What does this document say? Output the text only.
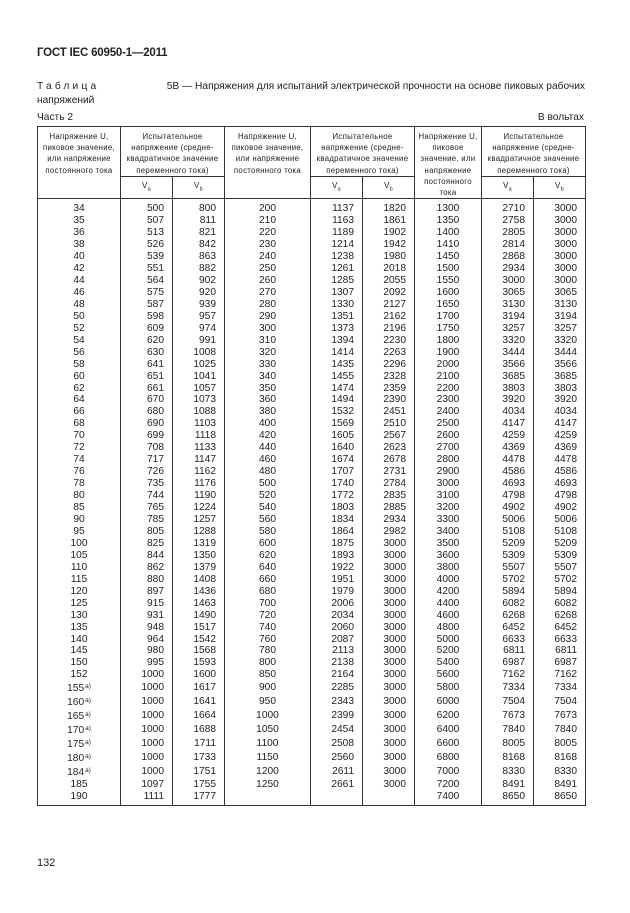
ГОСТ IEC 60950-1—2011
Таблица	5B — Напряжения для испытаний электрической прочности на основе пиковых рабочих
напряжений
Часть 2	В вольтах
Напряжение U, пиковое значение, или напряжение постоянного тока	Испытательное напряжение (средне-квадратичное значение переменного тока)		Напряжение U, пиковое значение, или напряжение постоянного тока	Испытательное напряжение (средне-квадратичное значение переменного тока)		Напряжение U, пиковое значение, или напряжение постоянного тока	Испытательное напряжение (средне-квадратичное значение переменного тока)	
	$V_a$	$V_b$		$V_a$	$V_b$		$V_a$	$V_b$
34	500	800	200	1137	1820	1300	2710	3000
35	507	811	210	1163	1861	1350	2758	3000
36	513	821	220	1189	1902	1400	2805	3000
38	526	842	230	1214	1942	1410	2814	3000
40	539	863	240	1238	1980	1450	2868	3000
42	551	882	250	1261	2018	1500	2934	3000
44	564	902	260	1285	2055	1550	3000	3000
46	575	920	270	1307	2092	1600	3065	3065
48	587	939	280	1330	2127	1650	3130	3130
50	598	957	290	1351	2162	1700	3194	3194
52	609	974	300	1373	2196	1750	3257	3257
54	620	991	310	1394	2230	1800	3320	3320
56	630	1008	320	1414	2263	1900	3444	3444
58	641	1025	330	1435	2296	2000	3566	3566
60	651	1041	340	1455	2328	2100	3685	3685
62	661	1057	350	1474	2359	2200	3803	3803
64	670	1073	360	1494	2390	2300	3920	3920
66	680	1088	380	1532	2451	2400	4034	4034
68	690	1103	400	1569	2510	2500	4147	4147
70	699	1118	420	1605	2567	2600	4259	4259
72	708	1133	440	1640	2623	2700	4369	4369
74	717	1147	460	1674	2678	2800	4478	4478
76	726	1162	480	1707	2731	2900	4586	4586
78	735	1176	500	1740	2784	3000	4693	4693
80	744	1190	520	1772	2835	3100	4798	4798
85	765	1224	540	1803	2885	3200	4902	4902
90	785	1257	560	1834	2934	3300	5006	5006
95	805	1288	580	1864	2982	3400	5108	5108
100	825	1319	600	1875	3000	3500	5209	5209
105	844	1350	620	1893	3000	3600	5309	5309
110	862	1379	640	1922	3000	3800	5507	5507
115	880	1408	660	1951	3000	4000	5702	5702
120	897	1436	680	1979	3000	4200	5894	5894
125	915	1463	700	2006	3000	4400	6082	6082
130	931	1490	720	2034	3000	4600	6268	6268
135	948	1517	740	2060	3000	4800	6452	6452
140	964	1542	760	2087	3000	5000	6633	6633
145	980	1568	780	2113	3000	5200	6811	6811
150	995	1593	800	2138	3000	5400	6987	6987
152	1000	1600	850	2164	3000	5600	7162	7162
155$^{а)}$	1000	1617	900	2285	3000	5800	7334	7334
160$^{а)}$	1000	1641	950	2343	3000	6000	7504	7504
165$^{а)}$	1000	1664	1000	2399	3000	6200	7673	7673
170$^{а)}$	1000	1688	1050	2454	3000	6400	7840	7840
175$^{а)}$	1000	1711	1100	2508	3000	6600	8005	8005
180$^{а)}$	1000	1733	1150	2560	3000	6800	8168	8168
184$^{а)}$	1000	1751	1200	2611	3000	7000	8330	8330
185	1097	1755	1250	2661	3000	7200	8491	8491
190	1111	1777				7400	8650	8650
132
